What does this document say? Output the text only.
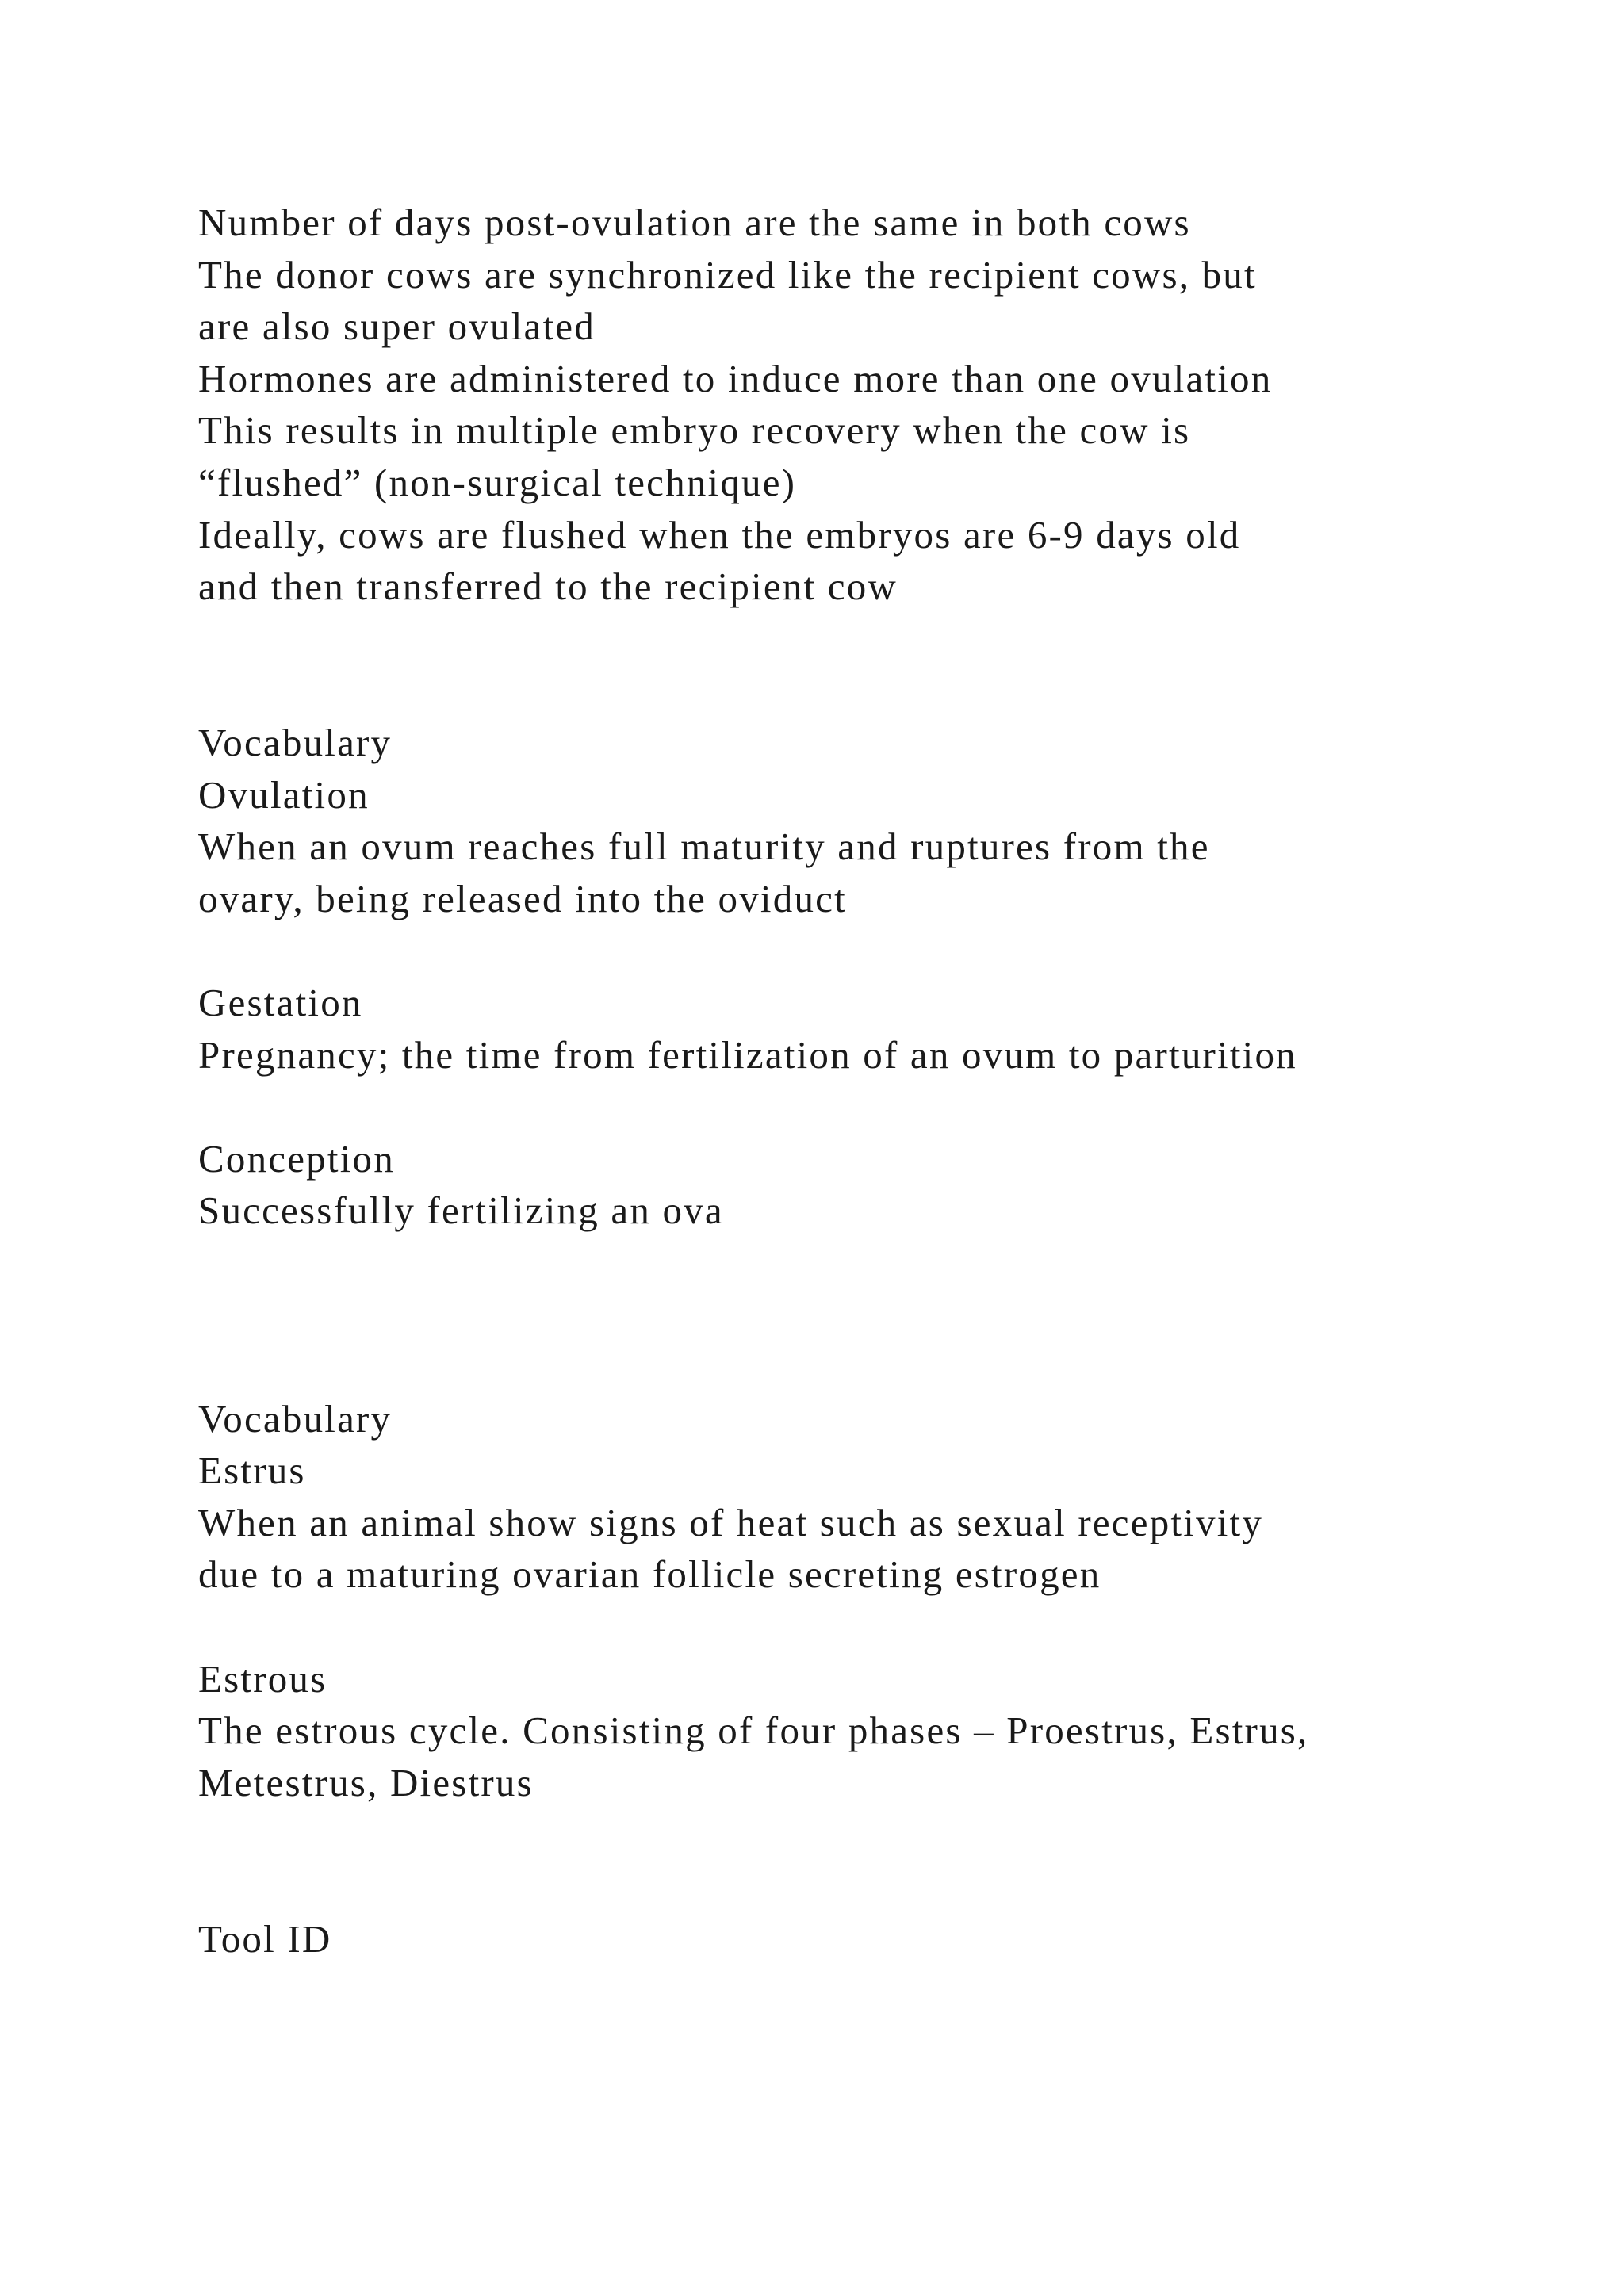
Number of days post-ovulation are the same in both cows
The donor cows are synchronized like the recipient cows, but
are also super ovulated
Hormones are administered to induce more than one ovulation
This results in multiple embryo recovery when the cow is
“flushed” (non-surgical technique)
Ideally, cows are flushed when the embryos are 6-9 days old
and then transferred to the recipient cow
Vocabulary
Ovulation
When an ovum reaches full maturity and ruptures from the
ovary, being released into the oviduct
Gestation
Pregnancy; the time from fertilization of an ovum to parturition
Conception
Successfully fertilizing an ova
Vocabulary
Estrus
When an animal show signs of heat such as sexual receptivity
due to a maturing ovarian follicle secreting estrogen
Estrous
The estrous cycle. Consisting of four phases – Proestrus, Estrus,
Metestrus, Diestrus
Tool ID
